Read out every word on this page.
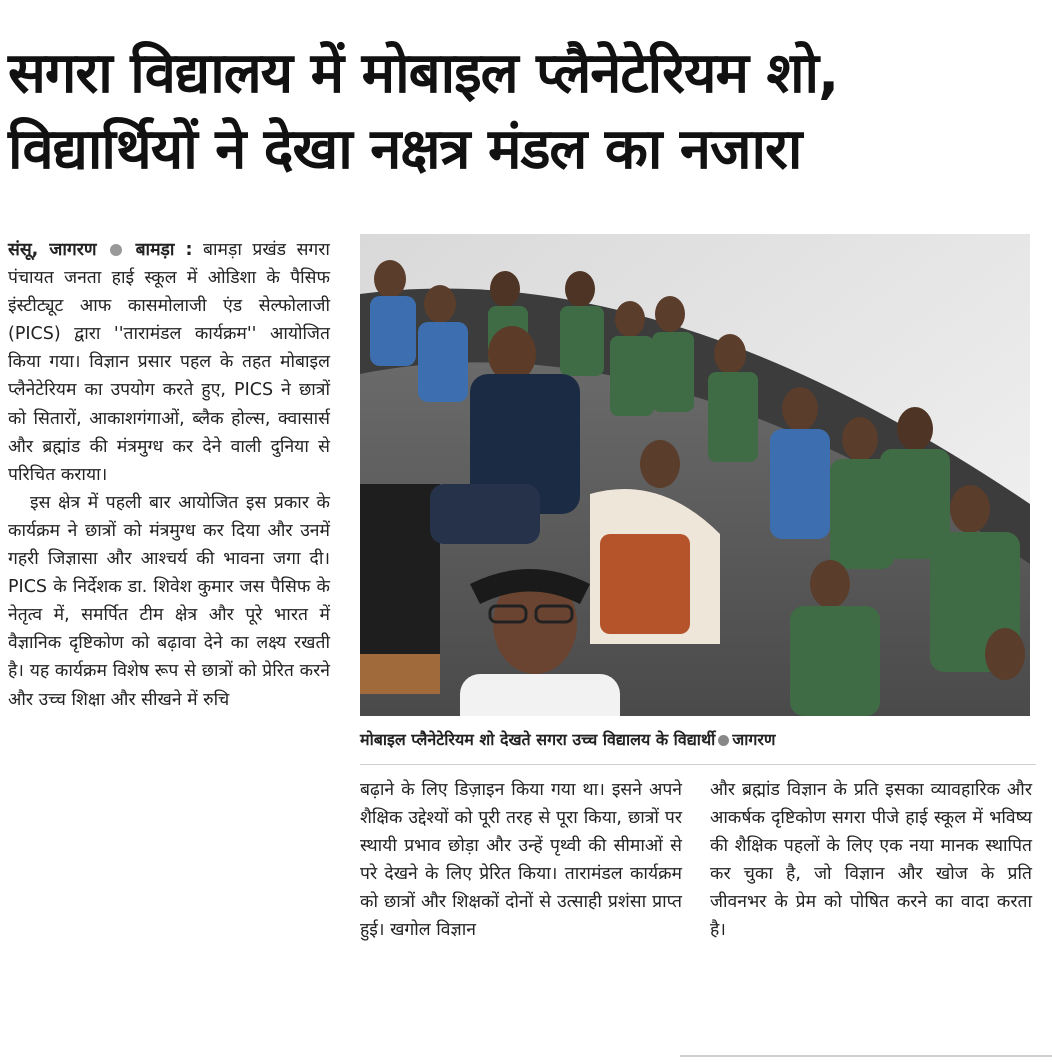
सगरा विद्यालय में मोबाइल प्लैनेटेरियम शो,
विद्यार्थियों ने देखा नक्षत्र मंडल का नजारा

संसू, जागरण बामड़ा : बामड़ा प्रखंड सगरा पंचायत जनता हाई स्कूल में ओडिशा के पैसिफ इंस्टीट्यूट आफ कासमोलाजी एंड सेल्फोलाजी (PICS) द्वारा ''तारामंडल कार्यक्रम'' आयोजित किया गया। विज्ञान प्रसार पहल के तहत मोबाइल प्लैनेटेरियम का उपयोग करते हुए, PICS ने छात्रों को सितारों, आकाशगंगाओं, ब्लैक होल्स, क्वासार्स और ब्रह्मांड की मंत्रमुग्ध कर देने वाली दुनिया से परिचित कराया।

इस क्षेत्र में पहली बार आयोजित इस प्रकार के कार्यक्रम ने छात्रों को मंत्रमुग्ध कर दिया और उनमें गहरी जिज्ञासा और आश्चर्य की भावना जगा दी। PICS के निर्देशक डा. शिवेश कुमार जस पैसिफ के नेतृत्व में, समर्पित टीम क्षेत्र और पूरे भारत में वैज्ञानिक दृष्टिकोण को बढ़ावा देने का लक्ष्य रखती है। यह कार्यक्रम विशेष रूप से छात्रों को प्रेरित करने और उच्च शिक्षा और सीखने में रुचि

मोबाइल प्लैनेटेरियम शो देखते सगरा उच्च विद्यालय के विद्यार्थी जागरण

बढ़ाने के लिए डिज़ाइन किया गया था। इसने अपने शैक्षिक उद्देश्यों को पूरी तरह से पूरा किया, छात्रों पर स्थायी प्रभाव छोड़ा और उन्हें पृथ्वी की सीमाओं से परे देखने के लिए प्रेरित किया। तारामंडल कार्यक्रम को छात्रों और शिक्षकों दोनों से उत्साही प्रशंसा प्राप्त हुई। खगोल विज्ञान

और ब्रह्मांड विज्ञान के प्रति इसका व्यावहारिक और आकर्षक दृष्टिकोण सगरा पीजे हाई स्कूल में भविष्य की शैक्षिक पहलों के लिए एक नया मानक स्थापित कर चुका है, जो विज्ञान और खोज के प्रति जीवनभर के प्रेम को पोषित करने का वादा करता है।
